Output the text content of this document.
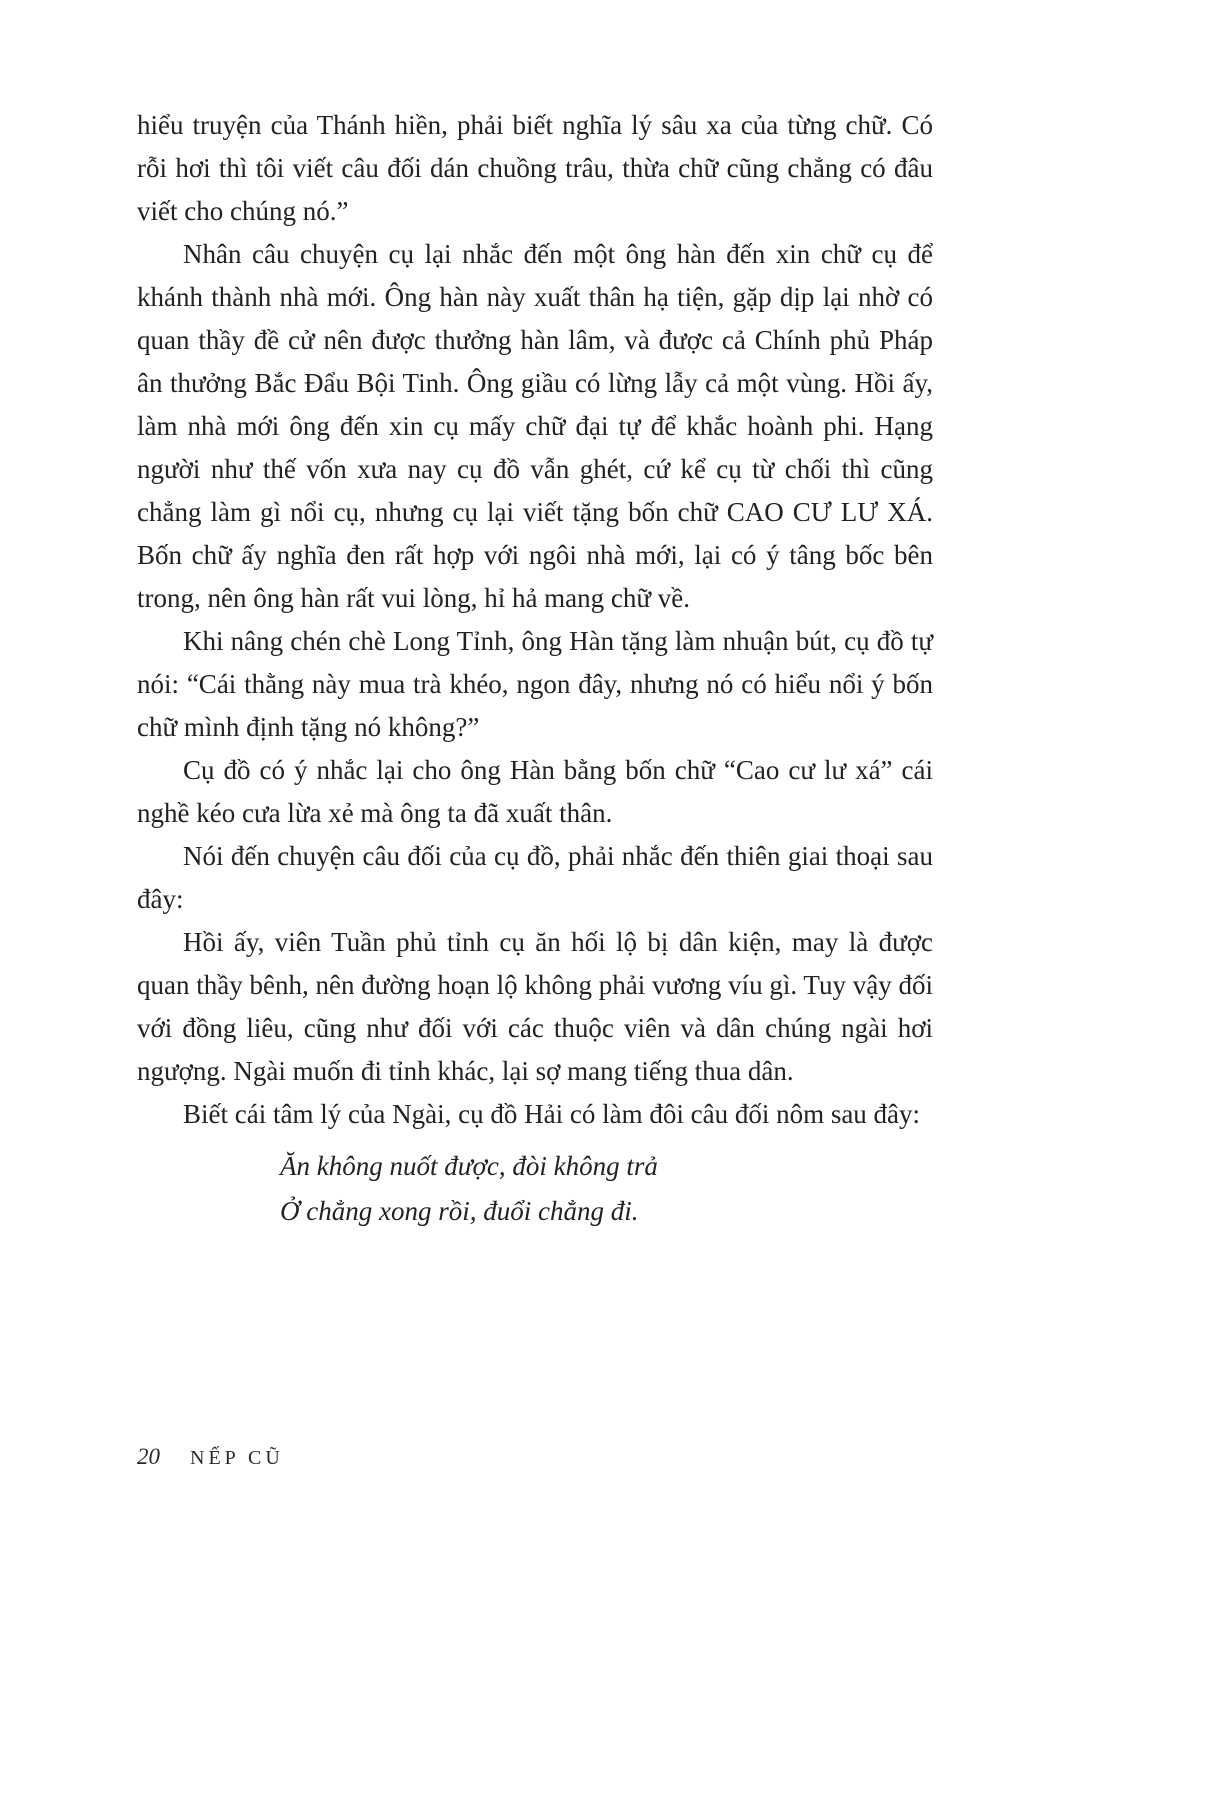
hiểu truyện của Thánh hiền, phải biết nghĩa lý sâu xa của từng chữ. Có rỗi hơi thì tôi viết câu đối dán chuồng trâu, thừa chữ cũng chẳng có đâu viết cho chúng nó.”

Nhân câu chuyện cụ lại nhắc đến một ông hàn đến xin chữ cụ để khánh thành nhà mới. Ông hàn này xuất thân hạ tiện, gặp dịp lại nhờ có quan thầy đề cử nên được thưởng hàn lâm, và được cả Chính phủ Pháp ân thưởng Bắc Đẩu Bội Tinh. Ông giầu có lừng lẫy cả một vùng. Hồi ấy, làm nhà mới ông đến xin cụ mấy chữ đại tự để khắc hoành phi. Hạng người như thế vốn xưa nay cụ đồ vẫn ghét, cứ kể cụ từ chối thì cũng chẳng làm gì nổi cụ, nhưng cụ lại viết tặng bốn chữ CAO CƯ LƯ XÁ. Bốn chữ ấy nghĩa đen rất hợp với ngôi nhà mới, lại có ý tâng bốc bên trong, nên ông hàn rất vui lòng, hỉ hả mang chữ về.

Khi nâng chén chè Long Tỉnh, ông Hàn tặng làm nhuận bút, cụ đồ tự nói: “Cái thằng này mua trà khéo, ngon đây, nhưng nó có hiểu nổi ý bốn chữ mình định tặng nó không?”

Cụ đồ có ý nhắc lại cho ông Hàn bằng bốn chữ “Cao cư lư xá” cái nghề kéo cưa lừa xẻ mà ông ta đã xuất thân.

Nói đến chuyện câu đối của cụ đồ, phải nhắc đến thiên giai thoại sau đây:

Hồi ấy, viên Tuần phủ tỉnh cụ ăn hối lộ bị dân kiện, may là được quan thầy bênh, nên đường hoạn lộ không phải vương víu gì. Tuy vậy đối với đồng liêu, cũng như đối với các thuộc viên và dân chúng ngài hơi ngượng. Ngài muốn đi tỉnh khác, lại sợ mang tiếng thua dân.

Biết cái tâm lý của Ngài, cụ đồ Hải có làm đôi câu đối nôm sau đây:

Ăn không nuốt được, đòi không trả

Ở chẳng xong rồi, đuổi chẳng đi.

20 NẾP CŨ
